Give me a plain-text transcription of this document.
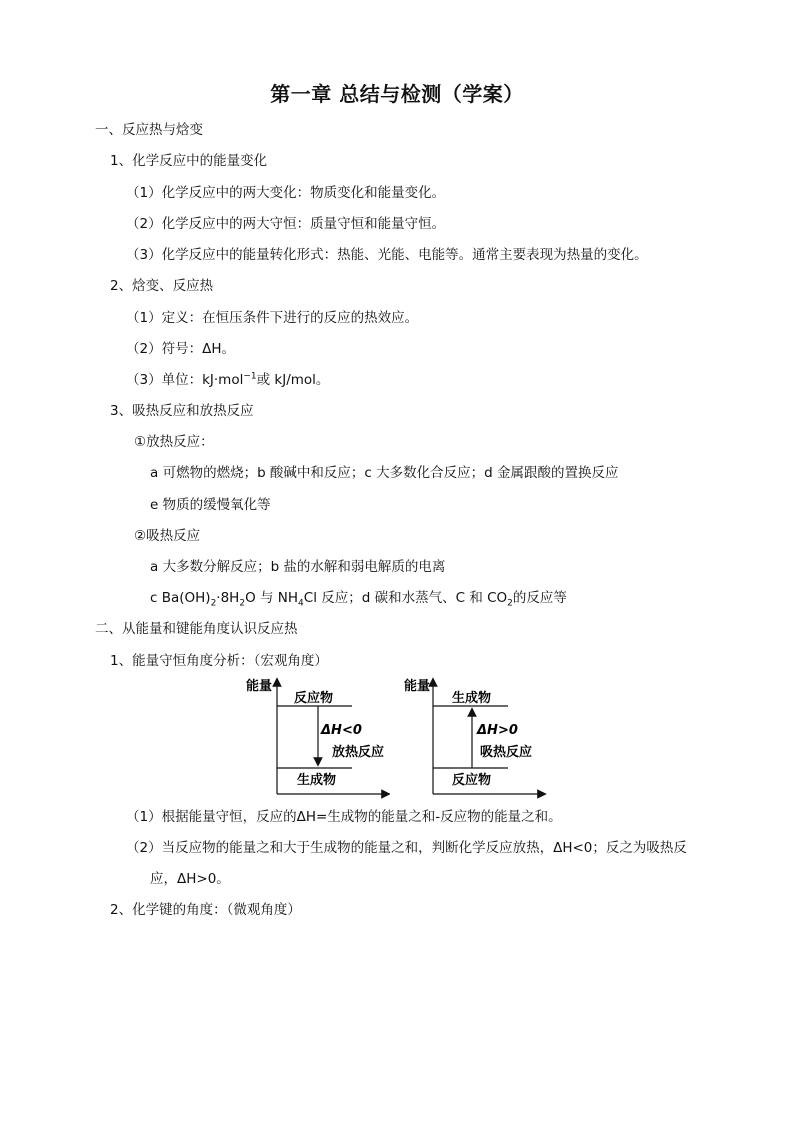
第一章 总结与检测（学案）
一、反应热与焓变
1、化学反应中的能量变化
（1）化学反应中的两大变化：物质变化和能量变化。
（2）化学反应中的两大守恒：质量守恒和能量守恒。
（3）化学反应中的能量转化形式：热能、光能、电能等。通常主要表现为热量的变化。
2、焓变、反应热
（1）定义：在恒压条件下进行的反应的热效应。
（2）符号：ΔH。
（3）单位：kJ·mol$^{-1}$或 kJ/mol。
3、吸热反应和放热反应
①放热反应：
a 可燃物的燃烧；b 酸碱中和反应；c 大多数化合反应；d 金属跟酸的置换反应
e 物质的缓慢氧化等
②吸热反应
a 大多数分解反应；b 盐的水解和弱电解质的电离
c $Ba(OH)_2\cdot 8H_2O$ 与 $NH_4Cl$ 反应；d 碳和水蒸气、C 和 $CO_2$的反应等
二、从能量和键能角度认识反应热
1、能量守恒角度分析：（宏观角度）
能量
反应物
生成物
ΔH<0
放热反应
能量
生成物
反应物
ΔH>0
吸热反应
（1）根据能量守恒，反应的ΔH=生成物的能量之和-反应物的能量之和。
（2）当反应物的能量之和大于生成物的能量之和，判断化学反应放热，ΔH<0；反之为吸热反
应，ΔH>0。
2、化学键的角度：（微观角度）
